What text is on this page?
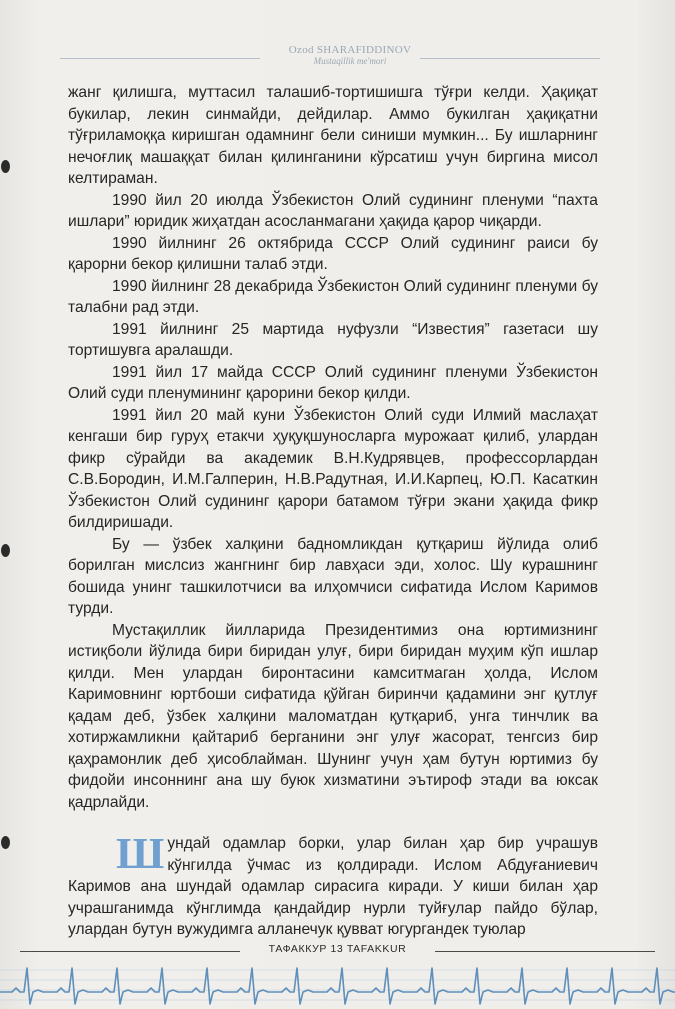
Ozod SHARAFIDDINOV
Mustaqillik me'mori

жанг қилишга, муттасил талашиб-тортишишга тўғри келди. Ҳақиқат букилар, лекин синмайди, дейдилар. Аммо букилган ҳақиқатни тўғриламоққа киришган одамнинг бели синиши мумкин... Бу ишларнинг нечоғлиқ машаққат билан қилинганини кўрсатиш учун биргина мисол келтираман.

1990 йил 20 июлда Ўзбекистон Олий судининг пленуми “пахта ишлари” юридик жиҳатдан асосланмагани ҳақида қарор чиқарди.

1990 йилнинг 26 октябрида СССР Олий судининг раиси бу қарорни бекор қилишни талаб этди.

1990 йилнинг 28 декабрида Ўзбекистон Олий судининг пленуми бу талабни рад этди.

1991 йилнинг 25 мартида нуфузли “Известия” газетаси шу тортишувга аралашди.

1991 йил 17 майда СССР Олий судининг пленуми Ўзбекистон Олий суди пленумининг қарорини бекор қилди.

1991 йил 20 май куни Ўзбекистон Олий суди Илмий маслаҳат кенгаши бир гуруҳ етакчи ҳуқуқшуносларга мурожаат қилиб, улардан фикр сўрайди ва академик В.Н.Кудрявцев, профессорлардан С.В.Бородин, И.М.Галперин, Н.В.Радутная, И.И.Карпец, Ю.П. Касаткин Ўзбекистон Олий судининг қарори батамом тўғри экани ҳақида фикр билдиришади.

Бу — ўзбек халқини бадномликдан қутқариш йўлида олиб борилган мислсиз жангнинг бир лавҳаси эди, холос. Шу курашнинг бошида унинг ташкилотчиси ва илҳомчиси сифатида Ислом Каримов турди.

Мустақиллик йилларида Президентимиз она юртимизнинг истиқболи йўлида бири биридан улуғ, бири биридан муҳим кўп ишлар қилди. Мен улардан биронтасини камситмаган ҳолда, Ислом Каримовнинг юртбоши сифатида қўйган биринчи қадамини энг қутлуғ қадам деб, ўзбек халқини маломатдан қутқариб, унга тинчлик ва хотиржамликни қайтариб берганини энг улуғ жасорат, тенгсиз бир қаҳрамонлик деб ҳисоблайман. Шунинг учун ҳам бутун юртимиз бу фидойи инсоннинг ана шу буюк хизматини эътироф этади ва юксак қадрлайди.

Шундай одамлар борки, улар билан ҳар бир учрашув кўнгилда ўчмас из қолдиради. Ислом Абдуғаниевич Каримов ана шундай одамлар сирасига киради. У киши билан ҳар учрашганимда кўнглимда қандайдир нурли туйғулар пайдо бўлар, улардан бутун вужудимга алланечук қувват югургандек туюлар

ТАФАККУР 13 TAFAKKUR
